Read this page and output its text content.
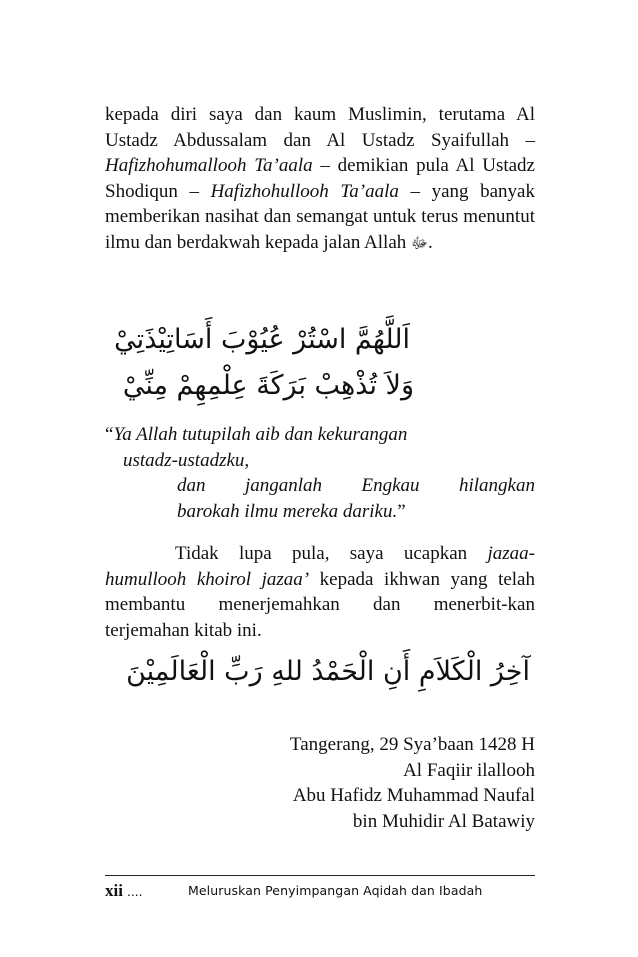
kepada diri saya dan kaum Muslimin, terutama Al Ustadz Abdussalam dan Al Ustadz Syaifullah – Hafizhohumallooh Ta’aala – demikian pula Al Ustadz Shodiqun – Hafizhohullooh Ta’aala – yang banyak memberikan nasihat dan semangat untuk terus menuntut ilmu dan berdakwah kepada jalan Allah ﷻ.

اَللَّهُمَّ اسْتُرْ عُيُوْبَ أَسَاتِيْذَتِيْ
وَلاَ تُذْهِبْ بَرَكَةَ عِلْمِهِمْ مِنِّيْ
“Ya Allah tutupilah aib dan kekurangan
ustadz-ustadzku,
dan janganlah Engkau hilangkan
barokah ilmu mereka dariku.”

Tidak lupa pula, saya ucapkan jazaa-humullooh khoirol jazaa’ kepada ikhwan yang telah membantu menerjemahkan dan menerbit-kan terjemahan kitab ini.

آخِرُ الْكَلاَمِ أَنِ الْحَمْدُ للهِ رَبِّ الْعَالَمِيْنَ
Tangerang, 29 Sya’baan 1428 H
Al Faqiir ilallooh
Abu Hafidz Muhammad Naufal
bin Muhidir Al Batawiy
xii ....	Meluruskan Penyimpangan Aqidah dan Ibadah
